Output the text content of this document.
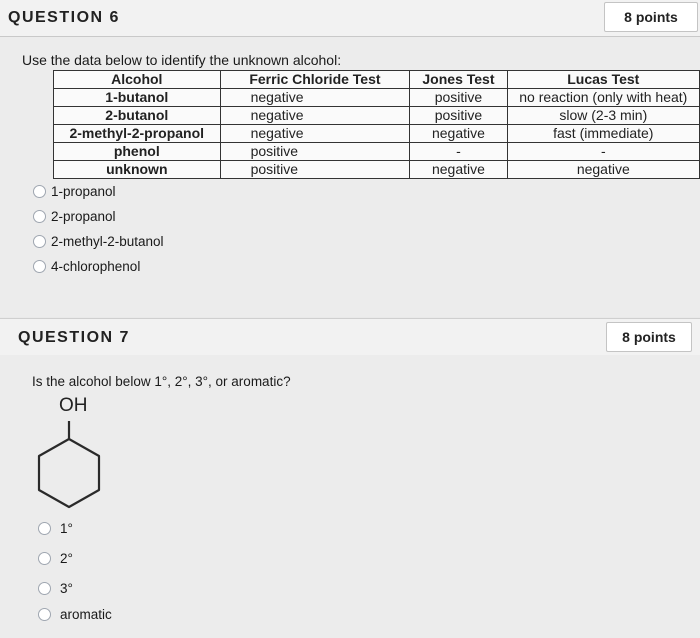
QUESTION 6	8 points
Use the data below to identify the unknown alcohol:
Alcohol	Ferric Chloride Test	Jones Test	Lucas Test
1-butanol	negative	positive	no reaction (only with heat)
2-butanol	negative	positive	slow (2-3 min)
2-methyl-2-propanol	negative	negative	fast (immediate)
phenol	positive	-	-
unknown	positive	negative	negative
1-propanol
2-propanol
2-methyl-2-butanol
4-chlorophenol
QUESTION 7	8 points
Is the alcohol below 1°, 2°, 3°, or aromatic?
OH
1°
2°
3°
aromatic
